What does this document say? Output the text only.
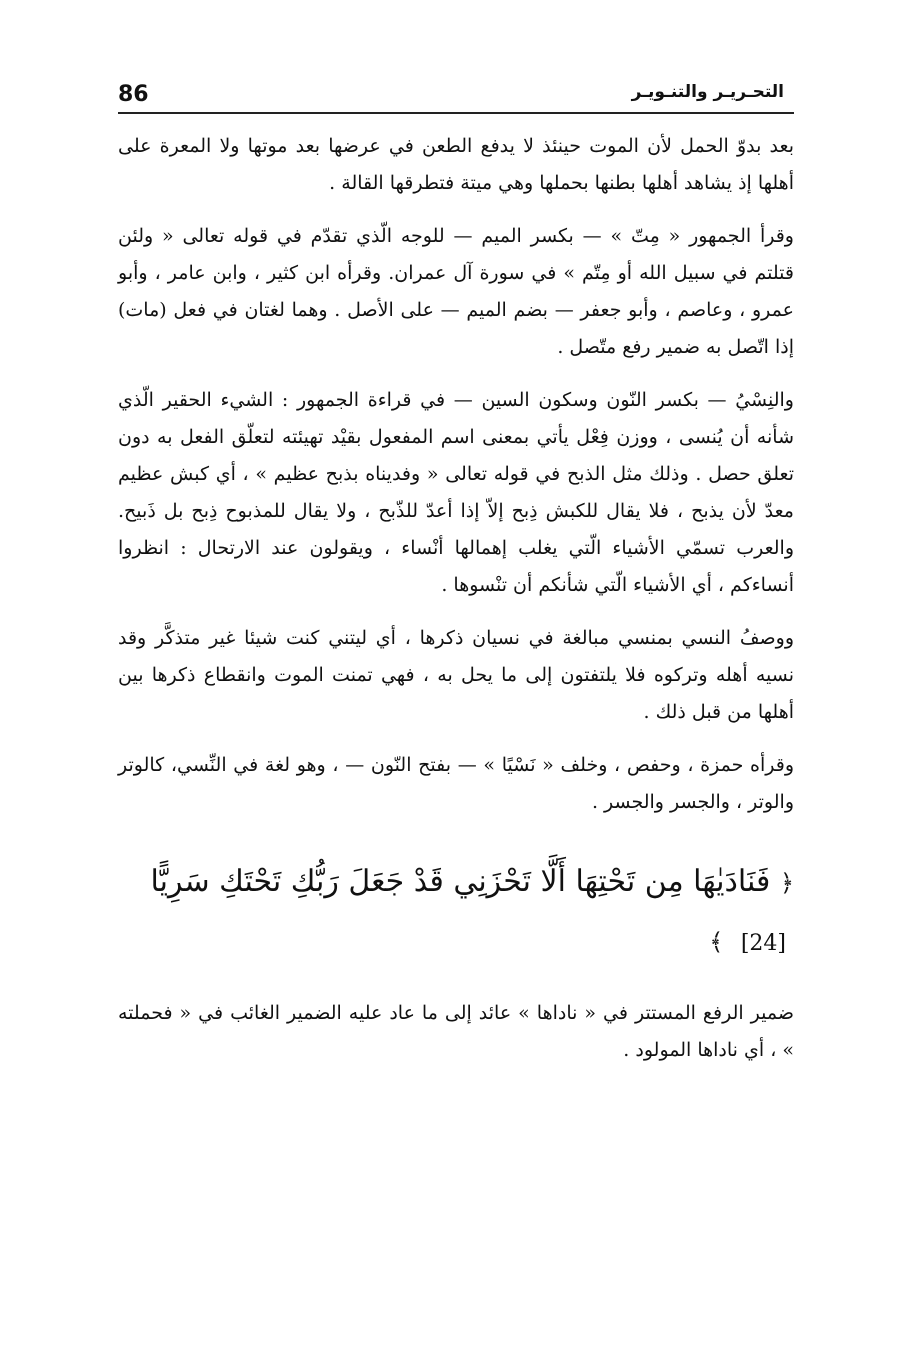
86	التحـريـر والتنـويـر

بعد بدوّ الحمل لأن الموت حينئذ لا يدفع الطعن في عرضها بعد موتها ولا المعرة على أهلها إذ يشاهد أهلها بطنها بحملها وهي ميتة فتطرقها القالة .

وقرأ الجمهور « مِتّ » — بكسر الميم — للوجه الّذي تقدّم في قوله تعالى « ولئن قتلتم في سبيل الله أو مِتّم » في سورة آل عمران. وقرأه ابن كثير ، وابن عامر ، وأبو عمرو ، وعاصم ، وأبو جعفر — بضم الميم — على الأصل . وهما لغتان في فعل (مات) إذا اتّصل به ضمير رفع متّصل .

والنِسْيُ — بكسر النّون وسكون السين — في قراءة الجمهور : الشيء الحقير الّذي شأنه أن يُنسى ، ووزن فِعْل يأتي بمعنى اسم المفعول بقيْد تهيئته لتعلّق الفعل به دون تعلق حصل . وذلك مثل الذبح في قوله تعالى « وفديناه بذبح عظيم » ، أي كبش عظيم معدّ لأن يذبح ، فلا يقال للكبش ذِبح إلاّ إذا أعدّ للذّبح ، ولا يقال للمذبوح ذِبح بل ذَبيح. والعرب تسمّي الأشياء الّتي يغلب إهمالها أنْساء ، ويقولون عند الارتحال : انظروا أنساءكم ، أي الأشياء الّتي شأنكم أن تنْسوها .

ووصفُ النسي بمنسي مبالغة في نسيان ذكرها ، أي ليتني كنت شيئا غير متذكَّر وقد نسيه أهله وتركوه فلا يلتفتون إلى ما يحل به ، فهي تمنت الموت وانقطاع ذكرها بين أهلها من قبل ذلك .

وقرأه حمزة ، وحفص ، وخلف « نَسْيًا » — بفتح النّون — ، وهو لغة في النِّسي، كالوتر والوتر ، والجسر والجسر .

﴿ فَنَادَيٰهَا مِن تَحْتِهَا أَلَّا تَحْزَنِي قَدْ جَعَلَ رَبُّكِ تَحْتَكِ سَرِيًّا [24] ﴾

ضمير الرفع المستتر في « ناداها » عائد إلى ما عاد عليه الضمير الغائب في « فحملته » ، أي ناداها المولود .
